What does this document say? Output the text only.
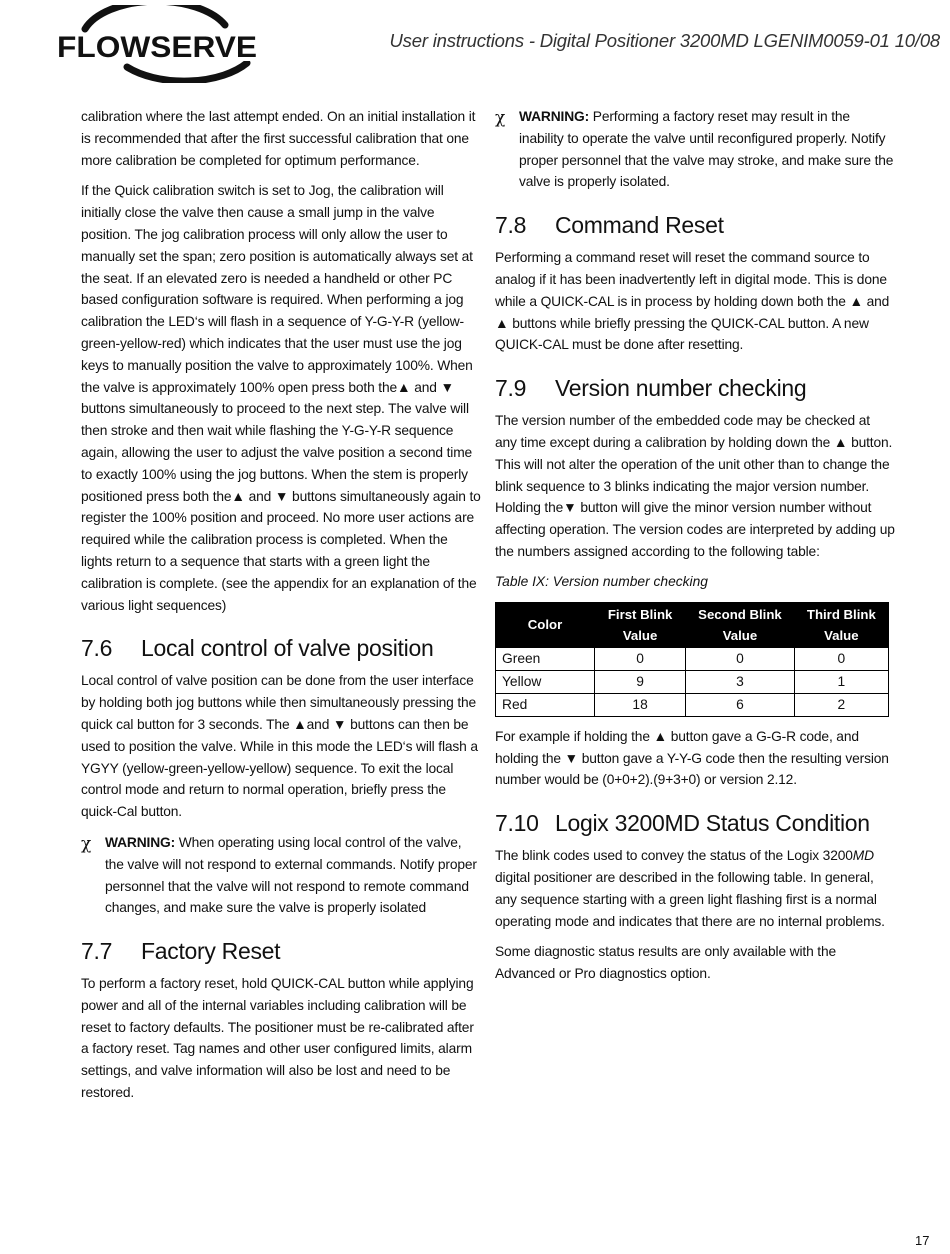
FLOWSERVE	User instructions - Digital Positioner 3200MD LGENIM0059-01 10/08

calibration where the last attempt ended. On an initial installation it is recommended that after the first successful calibration that one more calibration be completed for optimum performance.

If the Quick calibration switch is set to Jog, the calibration will initially close the valve then cause a small jump in the valve position. The jog calibration process will only allow the user to manually set the span; zero position is automatically always set at the seat. If an elevated zero is needed a handheld or other PC based configuration software is required. When performing a jog calibration the LED‘s will flash in a sequence of Y-G-Y-R (yellow-green-yellow-red) which indicates that the user must use the jog keys to manually position the valve to approximately 100%. When the valve is approximately 100% open press both the▲ and ▼ buttons simultaneously to proceed to the next step. The valve will then stroke and then wait while flashing the Y-G-Y-R sequence again, allowing the user to adjust the valve position a second time to exactly 100% using the jog buttons. When the stem is properly positioned press both the▲ and ▼ buttons simultaneously again to register the 100% position and proceed. No more user actions are required while the calibration process is completed. When the lights return to a sequence that starts with a green light the calibration is complete. (see the appendix for an explanation of the various light sequences)

7.6 Local control of valve position

Local control of valve position can be done from the user interface by holding both jog buttons while then simultaneously pressing the quick cal button for 3 seconds. The ▲and ▼ buttons can then be used to position the valve. While in this mode the LED‘s will flash a YGYY (yellow-green-yellow-yellow) sequence. To exit the local control mode and return to normal operation, briefly press the quick-Cal button.

χ WARNING: When operating using local control of the valve, the valve will not respond to external commands. Notify proper personnel that the valve will not respond to remote command changes, and make sure the valve is properly isolated
7.7 Factory Reset

To perform a factory reset, hold QUICK-CAL button while applying power and all of the internal variables including calibration will be reset to factory defaults. The positioner must be re-calibrated after a factory reset. Tag names and other user configured limits, alarm settings, and valve information will also be lost and need to be restored.

χ WARNING: Performing a factory reset may result in the inability to operate the valve until reconfigured properly. Notify proper personnel that the valve may stroke, and make sure the valve is properly isolated.
7.8 Command Reset

Performing a command reset will reset the command source to analog if it has been inadvertently left in digital mode. This is done while a QUICK-CAL is in process by holding down both the ▲ and ▲ buttons while briefly pressing the QUICK-CAL button. A new QUICK-CAL must be done after resetting.

7.9 Version number checking

The version number of the embedded code may be checked at any time except during a calibration by holding down the ▲ button. This will not alter the operation of the unit other than to change the blink sequence to 3 blinks indicating the major version number. Holding the▼ button will give the minor version number without affecting operation. The version codes are interpreted by adding up the numbers assigned according to the following table:

Table IX: Version number checking
Color	First Blink Value	Second Blink Value	Third Blink Value
Green	0	0	0
Yellow	9	3	1
Red	18	6	2

For example if holding the ▲ button gave a G-G-R code, and holding the ▼ button gave a Y-Y-G code then the resulting version number would be (0+0+2).(9+3+0) or version 2.12.

7.10 Logix 3200MD Status Condition

The blink codes used to convey the status of the Logix 3200MD digital positioner are described in the following table. In general, any sequence starting with a green light flashing first is a normal operating mode and indicates that there are no internal problems.

Some diagnostic status results are only available with the Advanced or Pro diagnostics option.

17
